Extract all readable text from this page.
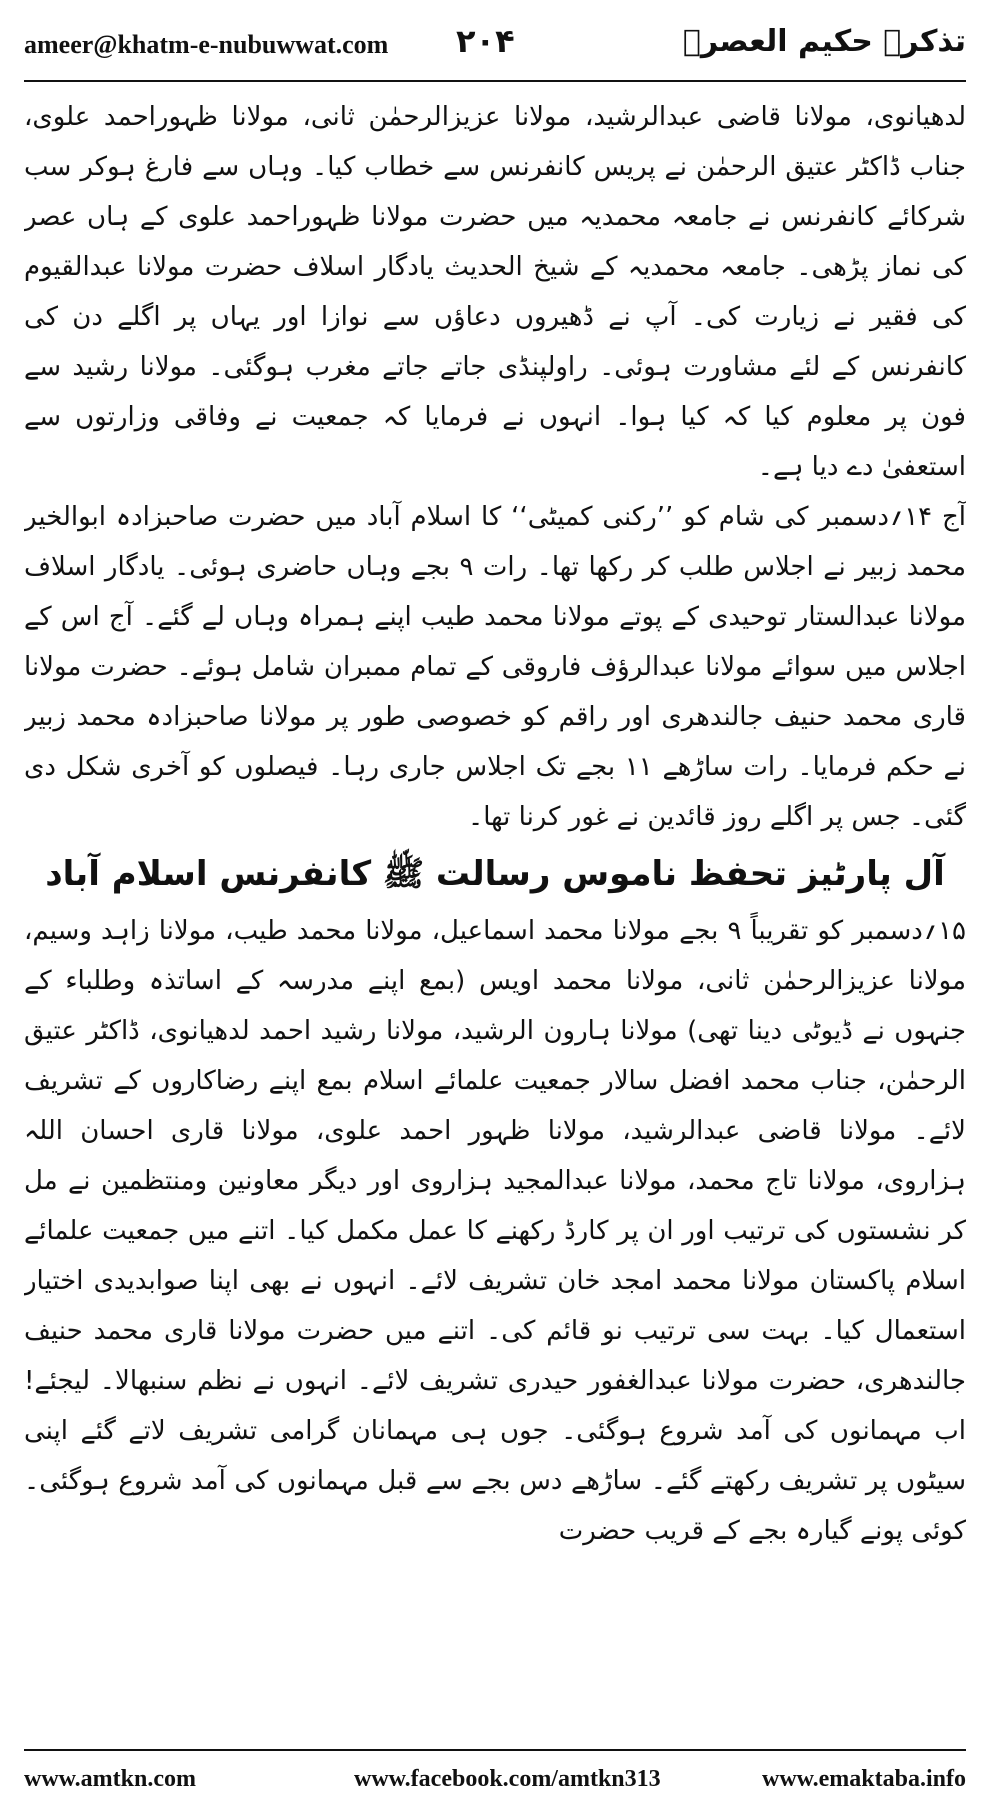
ameer@khatm-e-nubuwwat.com ۲۰۴	تذکرہ حکیم العصرؒ

لدھیانوی، مولانا قاضی عبدالرشید، مولانا عزیزالرحمٰن ثانی، مولانا ظہوراحمد علوی، جناب ڈاکٹر عتیق الرحمٰن نے پریس کانفرنس سے خطاب کیا۔ وہاں سے فارغ ہوکر سب شرکائے کانفرنس نے جامعہ محمدیہ میں حضرت مولانا ظہوراحمد علوی کے ہاں عصر کی نماز پڑھی۔ جامعہ محمدیہ کے شیخ الحدیث یادگار اسلاف حضرت مولانا عبدالقیوم کی فقیر نے زیارت کی۔ آپ نے ڈھیروں دعاؤں سے نوازا اور یہاں پر اگلے دن کی کانفرنس کے لئے مشاورت ہوئی۔ راولپنڈی جاتے جاتے مغرب ہوگئی۔ مولانا رشید سے فون پر معلوم کیا کہ کیا ہوا۔ انہوں نے فرمایا کہ جمعیت نے وفاقی وزارتوں سے استعفیٰ دے دیا ہے۔

آج ۱۴؍دسمبر کی شام کو ’’رکنی کمیٹی‘‘ کا اسلام آباد میں حضرت صاحبزادہ ابوالخیر محمد زبیر نے اجلاس طلب کر رکھا تھا۔ رات ۹ بجے وہاں حاضری ہوئی۔ یادگار اسلاف مولانا عبدالستار توحیدی کے پوتے مولانا محمد طیب اپنے ہمراہ وہاں لے گئے۔ آج اس کے اجلاس میں سوائے مولانا عبدالرؤف فاروقی کے تمام ممبران شامل ہوئے۔ حضرت مولانا قاری محمد حنیف جالندھری اور راقم کو خصوصی طور پر مولانا صاحبزادہ محمد زبیر نے حکم فرمایا۔ رات ساڑھے ۱۱ بجے تک اجلاس جاری رہا۔ فیصلوں کو آخری شکل دی گئی۔ جس پر اگلے روز قائدین نے غور کرنا تھا۔

آل پارٹیز تحفظ ناموس رسالت ﷺ کانفرنس اسلام آباد

۱۵؍دسمبر کو تقریباً ۹ بجے مولانا محمد اسماعیل، مولانا محمد طیب، مولانا زاہد وسیم، مولانا عزیزالرحمٰن ثانی، مولانا محمد اویس (بمع اپنے مدرسہ کے اساتذہ وطلباء کے جنہوں نے ڈیوٹی دینا تھی) مولانا ہارون الرشید، مولانا رشید احمد لدھیانوی، ڈاکٹر عتیق الرحمٰن، جناب محمد افضل سالار جمعیت علمائے اسلام بمع اپنے رضاکاروں کے تشریف لائے۔ مولانا قاضی عبدالرشید، مولانا ظہور احمد علوی، مولانا قاری احسان اللہ ہزاروی، مولانا تاج محمد، مولانا عبدالمجید ہزاروی اور دیگر معاونین ومنتظمین نے مل کر نشستوں کی ترتیب اور ان پر کارڈ رکھنے کا عمل مکمل کیا۔ اتنے میں جمعیت علمائے اسلام پاکستان مولانا محمد امجد خان تشریف لائے۔ انہوں نے بھی اپنا صوابدیدی اختیار استعمال کیا۔ بہت سی ترتیب نو قائم کی۔ اتنے میں حضرت مولانا قاری محمد حنیف جالندھری، حضرت مولانا عبدالغفور حیدری تشریف لائے۔ انہوں نے نظم سنبھالا۔ لیجئے! اب مہمانوں کی آمد شروع ہوگئی۔ جوں ہی مہمانان گرامی تشریف لاتے گئے اپنی سیٹوں پر تشریف رکھتے گئے۔ ساڑھے دس بجے سے قبل مہمانوں کی آمد شروع ہوگئی۔ کوئی پونے گیارہ بجے کے قریب حضرت

www.amtkn.com	www.facebook.com/amtkn313	www.emaktaba.info
